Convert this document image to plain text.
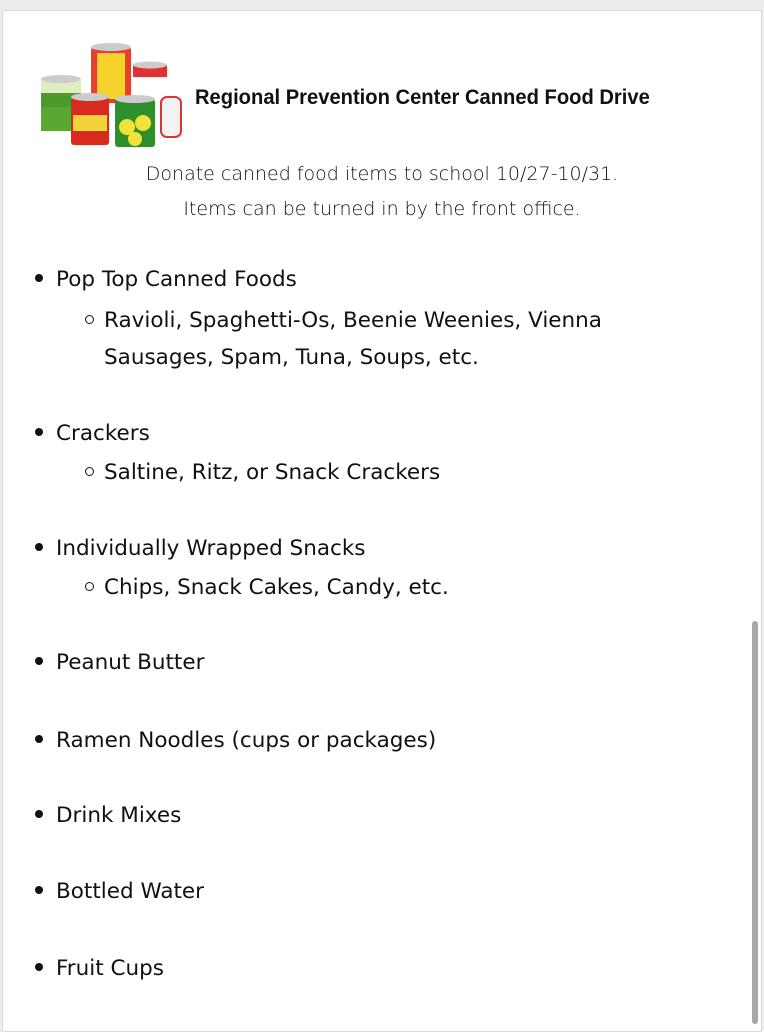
Regional Prevention Center Canned Food Drive
Donate canned food items to school 10/27-10/31.
Items can be turned in by the front office.
Pop Top Canned Foods
Ravioli, Spaghetti-Os, Beenie Weenies, Vienna Sausages, Spam, Tuna, Soups, etc.
Crackers
Saltine, Ritz, or Snack Crackers
Individually Wrapped Snacks
Chips, Snack Cakes, Candy, etc.
Peanut Butter
Ramen Noodles (cups or packages)
Drink Mixes
Bottled Water
Fruit Cups
